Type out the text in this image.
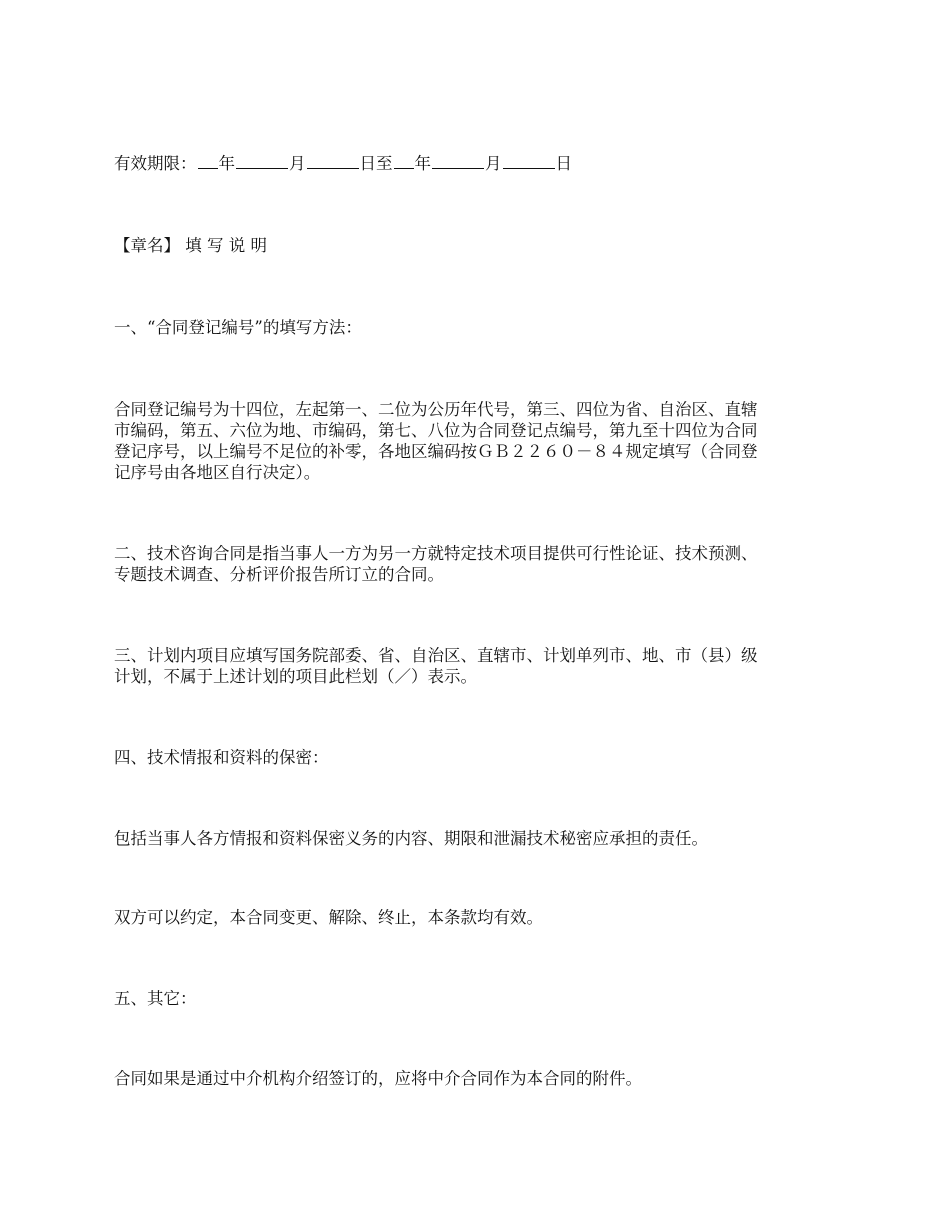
有效期限： 年	月	日至 年	月	日

【章名】 填 写 说 明

一、“合同登记编号”的填写方法：

合同登记编号为十四位，左起第一、二位为公历年代号，第三、四位为省、自治区、直辖
市编码，第五、六位为地、市编码，第七、八位为合同登记点编号，第九至十四位为合同
登记序号，以上编号不足位的补零，各地区编码按ＧＢ２２６０－８４规定填写（合同登
记序号由各地区自行决定）。

二、技术咨询合同是指当事人一方为另一方就特定技术项目提供可行性论证、技术预测、
专题技术调查、分析评价报告所订立的合同。

三、计划内项目应填写国务院部委、省、自治区、直辖市、计划单列市、地、市（县）级
计划，不属于上述计划的项目此栏划（／）表示。

四、技术情报和资料的保密：

包括当事人各方情报和资料保密义务的内容、期限和泄漏技术秘密应承担的责任。

双方可以约定，本合同变更、解除、终止，本条款均有效。

五、其它：

合同如果是通过中介机构介绍签订的，应将中介合同作为本合同的附件。
